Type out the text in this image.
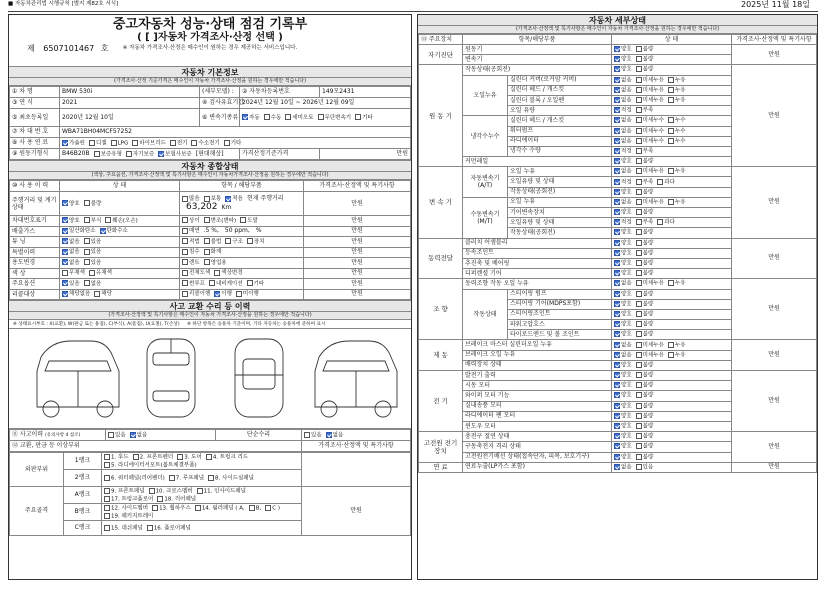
■ 자동차관리법 시행규칙 [별지 제82호 서식]	2025년 11월 18일
중고자동차 성능·상태 점검 기록부
( [ ]자동차 가격조사·산정 선택 )
※ 자동차 가격조사·산정은 매수인이 원하는 경우 제공하는 서비스입니다.
제 6507101467 호
자동차 기본정보
(가격조사·산정 기준가격은 매수인이 자동차 가격조사·산정을 원하는 경우에만 적습니다)
① 차 명	BMW 530i	(세부모델) :	② 자동차등록번호	149모2431
③ 연 식	2021	④ 검사유효기간	2024년 12월 10일 ~ 2026년 12월 09일	
⑤ 최초등록일	2020년 12월 10일	⑥ 변속기종류	자동 수동 세미오토 무단변속기 기타	
⑦ 차 대 번 호	WBA71BH04MCF57252			
⑧ 사 용 연 료	가솔린 디젤 LPG 하이브리드 전기 수소전기 기타			
⑨ 원동기형식	B46B20B 보증유형 자기보증 보험사보증 [현대해상]		가격산정기준가격	만원
자동차 종합상태
(색상, 주요옵션, 가격조사·산정액 및 특기사항은 매수인이 자동차가격조사·산정을 원하는 경우에만 적습니다)
⑩ 사 용 이 력	상 태	항목 / 해당부품	가격조사·산정액 및 특기사항
주행거리 및 계기상태	양호 불량	많음 보통 적음 현재 주행거리63,202 Km	만원
차대번호표기	양호 부식 훼손(오손)	상이 변조(변타) 도말	만원
배출가스	일산화탄소 탄화수소	매연 .5 %, 50 ppm, %	만원
튜 닝	없음 있음	적법 불법 구조 장치	만원
특별이력	없음 있음	침수 화재	만원
용도변경	없음 있음	렌트 영업용	만원
색 상	무채색 유채색	전체도색 색상변경	만원
주요옵션	있음 없음	썬루프 내비게이션 기타	만원
리콜대상	해당없음 해당	리콜이행 이행 미이행	만원
사고 교환 수리 등 이력
(가격조사·산정액 및 특기사항은 매수인이 자동차 가격조사·산정을 원하는 경우에만 적습니다)
※ 상태표시부호 : X(교환), W(판금 또는 용접), C(부식), A(흠집), U(요철), T(손상) ※ 하단 항목은 승용차 기준이며, 기타 자동차는 승용차에 준하여 표시
⑪ 사고이력 (유의사항 4 참조)	있음 없음	단순수리	있음 없음
⑫ 교환, 판금 등 이상부위			가격조사·산정액 및 특기사항
외판부위	1랭크	1. 후드 2. 프론트펜더 3. 도어 4. 트렁크 리드5. 라디에이터서포트(볼트체결부품)	
	2랭크	6. 쿼터패널(리어펜더) 7. 루프패널 8. 사이드실패널	
주요골격	A랭크	9. 프론트패널 10. 크로스멤버 11. 인사이드패널17. 트렁크플로어 18. 리어패널	만원
	B랭크	12. 사이드멤버 13. 휠하우스 14. 필러패널 ( A, B, C )19. 패키지트레이	
	C랭크	15. 대쉬패널 16. 플로어패널	
자동차 세부상태
(가격조사·산정액 및 특기사항은 매수인이 자동차 가격조사·산정을 원하는 경우에만 적습니다)
⑬ 주요장치	항목/해당부품		상 태	가격조사·산정액 및 특기사항
자기진단	원동기		양호 불량	만원
	변속기		양호 불량	
원 동 기	작동상태(공회전)		양호 불량	만원
	오일누유	실린더 커버(로커암 커버)	없음 미세누유 누유	
		실린더 헤드 / 개스킷	없음 미세누유 누유	
		실린더 블록 / 오일팬	없음 미세누유 누유	
		오일 유량	적정 부족	
	냉각수누수	실린더 헤드 / 개스킷	없음 미세누수 누수	
		워터펌프	없음 미세누수 누수	
		라디에이터	없음 미세누수 누수	
		냉각수 수량	적정 부족	
	커먼레일		양호 불량	
변 속 기	자동변속기 (A/T)	오일 누유	없음 미세누유 누유	만원
		오일유량 및 상태	적정 부족 과다	
		작동상태(공회전)	양호 불량	
	수동변속기 (M/T)	오일 누유	없음 미세누유 누유	
		기어변속장치	양호 불량	
		오일유량 및 상태	적정 부족 과다	
		작동상태(공회전)	양호 불량	
동력전달	클러치 어셈블리		양호 불량	만원
	등속조인트		양호 불량	
	추진축 및 베어링		양호 불량	
	디퍼렌셜 기어		양호 불량	
조 향	동력조향 작동 오일 누유		없음 미세누유 누유	만원
	작동상태	스티어링 펌프	양호 불량	
		스티어링 기어(MDPS포함)	양호 불량	
		스티어링조인트	양호 불량	
		파워고압호스	양호 불량	
		타이로드엔드 및 볼 조인트	양호 불량	
제 동	브레이크 마스터 실린더오일 누유		없음 미세누유 누유	만원
	브레이크 오일 누유		없음 미세누유 누유	
	배력장치 상태		양호 불량	
전 기	발전기 출력		양호 불량	만원
	시동 모터		양호 불량	
	와이퍼 모터 기능		양호 불량	
	실내송풍 모터		양호 불량	
	라디에이터 팬 모터		양호 불량	
	윈도우 모터		양호 불량	
고전원 전기장치	충전구 절연 상태		양호 불량	만원
	구동축전지 격리 상태		양호 불량	
	고전원전기배선 상태(접속단자, 피복, 보호기구)		양호 불량	
연 료	연료누출(LP가스 포함)		없음 있음	만원
